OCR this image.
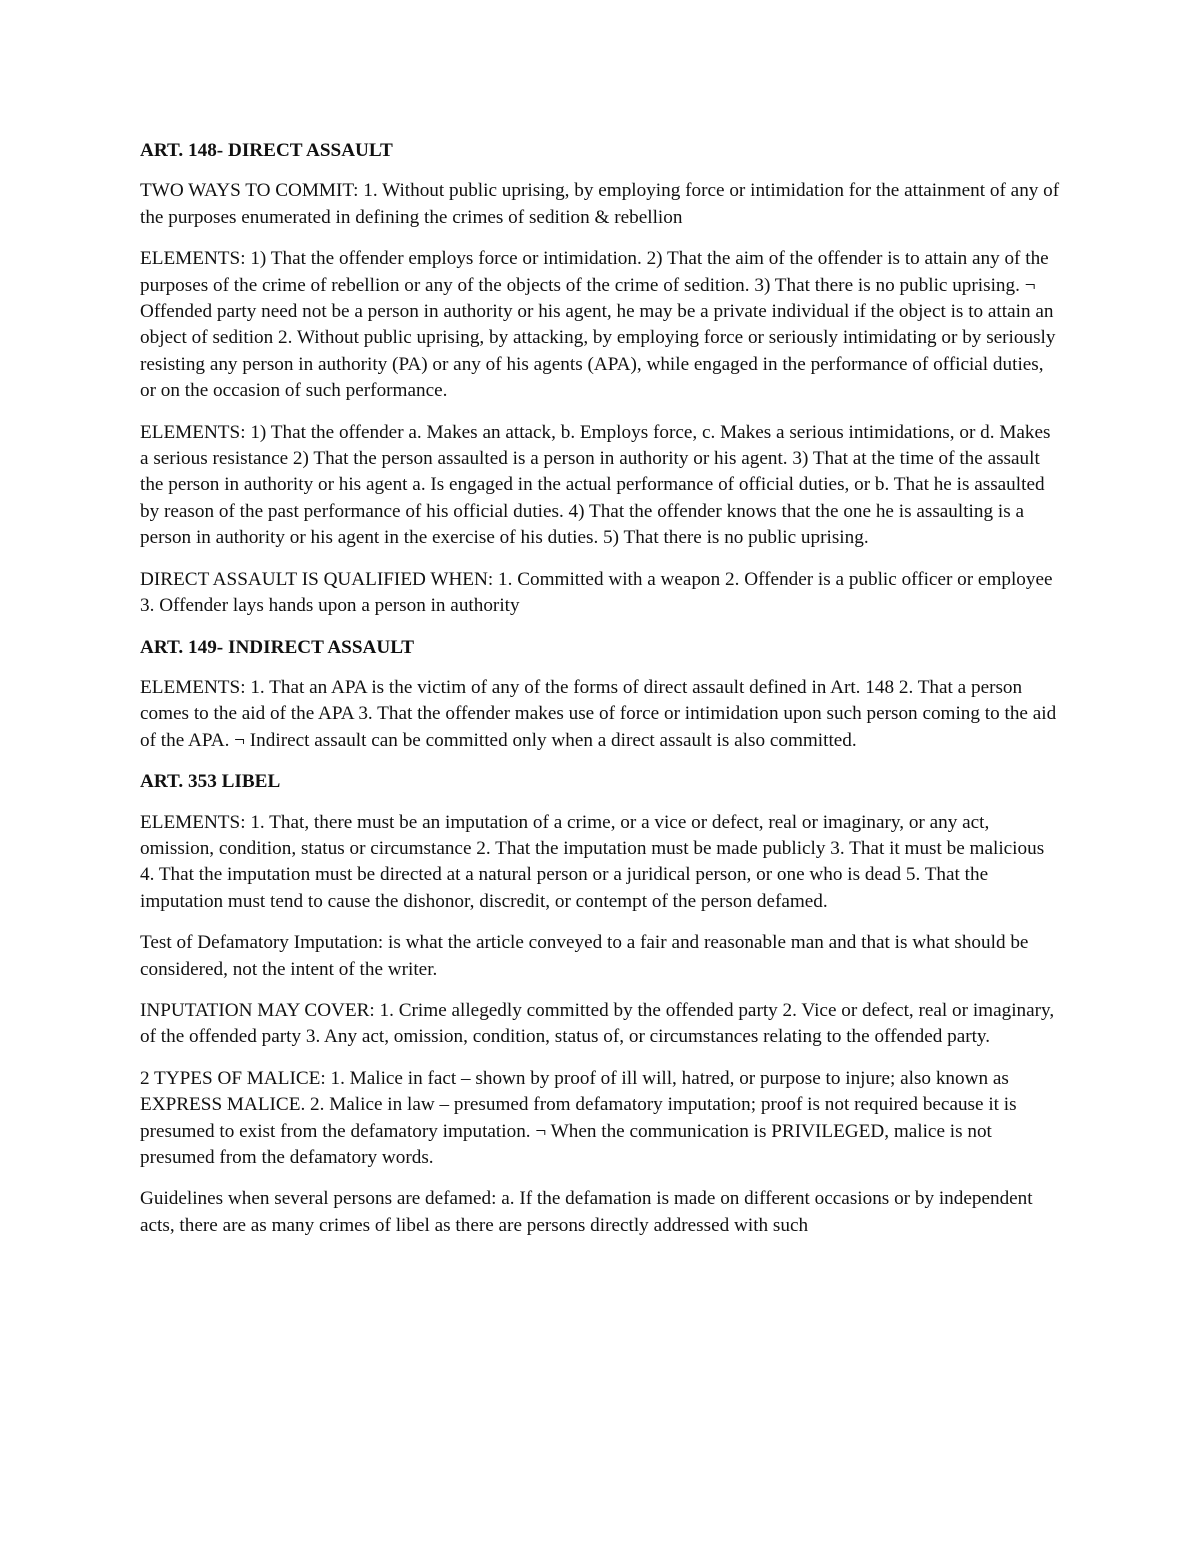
ART. 148- DIRECT ASSAULT

TWO WAYS TO COMMIT: 1. Without public uprising, by employing force or intimidation for the attainment of any of the purposes enumerated in defining the crimes of sedition & rebellion

ELEMENTS: 1) That the offender employs force or intimidation. 2) That the aim of the offender is to attain any of the purposes of the crime of rebellion or any of the objects of the crime of sedition. 3) That there is no public uprising. ¬ Offended party need not be a person in authority or his agent, he may be a private individual if the object is to attain an object of sedition 2. Without public uprising, by attacking, by employing force or seriously intimidating or by seriously resisting any person in authority (PA) or any of his agents (APA), while engaged in the performance of official duties, or on the occasion of such performance.

ELEMENTS: 1) That the offender a. Makes an attack, b. Employs force, c. Makes a serious intimidations, or d. Makes a serious resistance 2) That the person assaulted is a person in authority or his agent. 3) That at the time of the assault the person in authority or his agent a. Is engaged in the actual performance of official duties, or b. That he is assaulted by reason of the past performance of his official duties. 4) That the offender knows that the one he is assaulting is a person in authority or his agent in the exercise of his duties. 5) That there is no public uprising.

DIRECT ASSAULT IS QUALIFIED WHEN: 1. Committed with a weapon 2. Offender is a public officer or employee 3. Offender lays hands upon a person in authority

ART. 149- INDIRECT ASSAULT

ELEMENTS: 1. That an APA is the victim of any of the forms of direct assault defined in Art. 148 2. That a person comes to the aid of the APA 3. That the offender makes use of force or intimidation upon such person coming to the aid of the APA. ¬ Indirect assault can be committed only when a direct assault is also committed.

ART. 353 LIBEL

ELEMENTS: 1. That, there must be an imputation of a crime, or a vice or defect, real or imaginary, or any act, omission, condition, status or circumstance 2. That the imputation must be made publicly 3. That it must be malicious 4. That the imputation must be directed at a natural person or a juridical person, or one who is dead 5. That the imputation must tend to cause the dishonor, discredit, or contempt of the person defamed.

Test of Defamatory Imputation: is what the article conveyed to a fair and reasonable man and that is what should be considered, not the intent of the writer.

INPUTATION MAY COVER: 1. Crime allegedly committed by the offended party 2. Vice or defect, real or imaginary, of the offended party 3. Any act, omission, condition, status of, or circumstances relating to the offended party.

2 TYPES OF MALICE: 1. Malice in fact – shown by proof of ill will, hatred, or purpose to injure; also known as EXPRESS MALICE. 2. Malice in law – presumed from defamatory imputation; proof is not required because it is presumed to exist from the defamatory imputation. ¬ When the communication is PRIVILEGED, malice is not presumed from the defamatory words.

Guidelines when several persons are defamed: a. If the defamation is made on different occasions or by independent acts, there are as many crimes of libel as there are persons directly addressed with such
